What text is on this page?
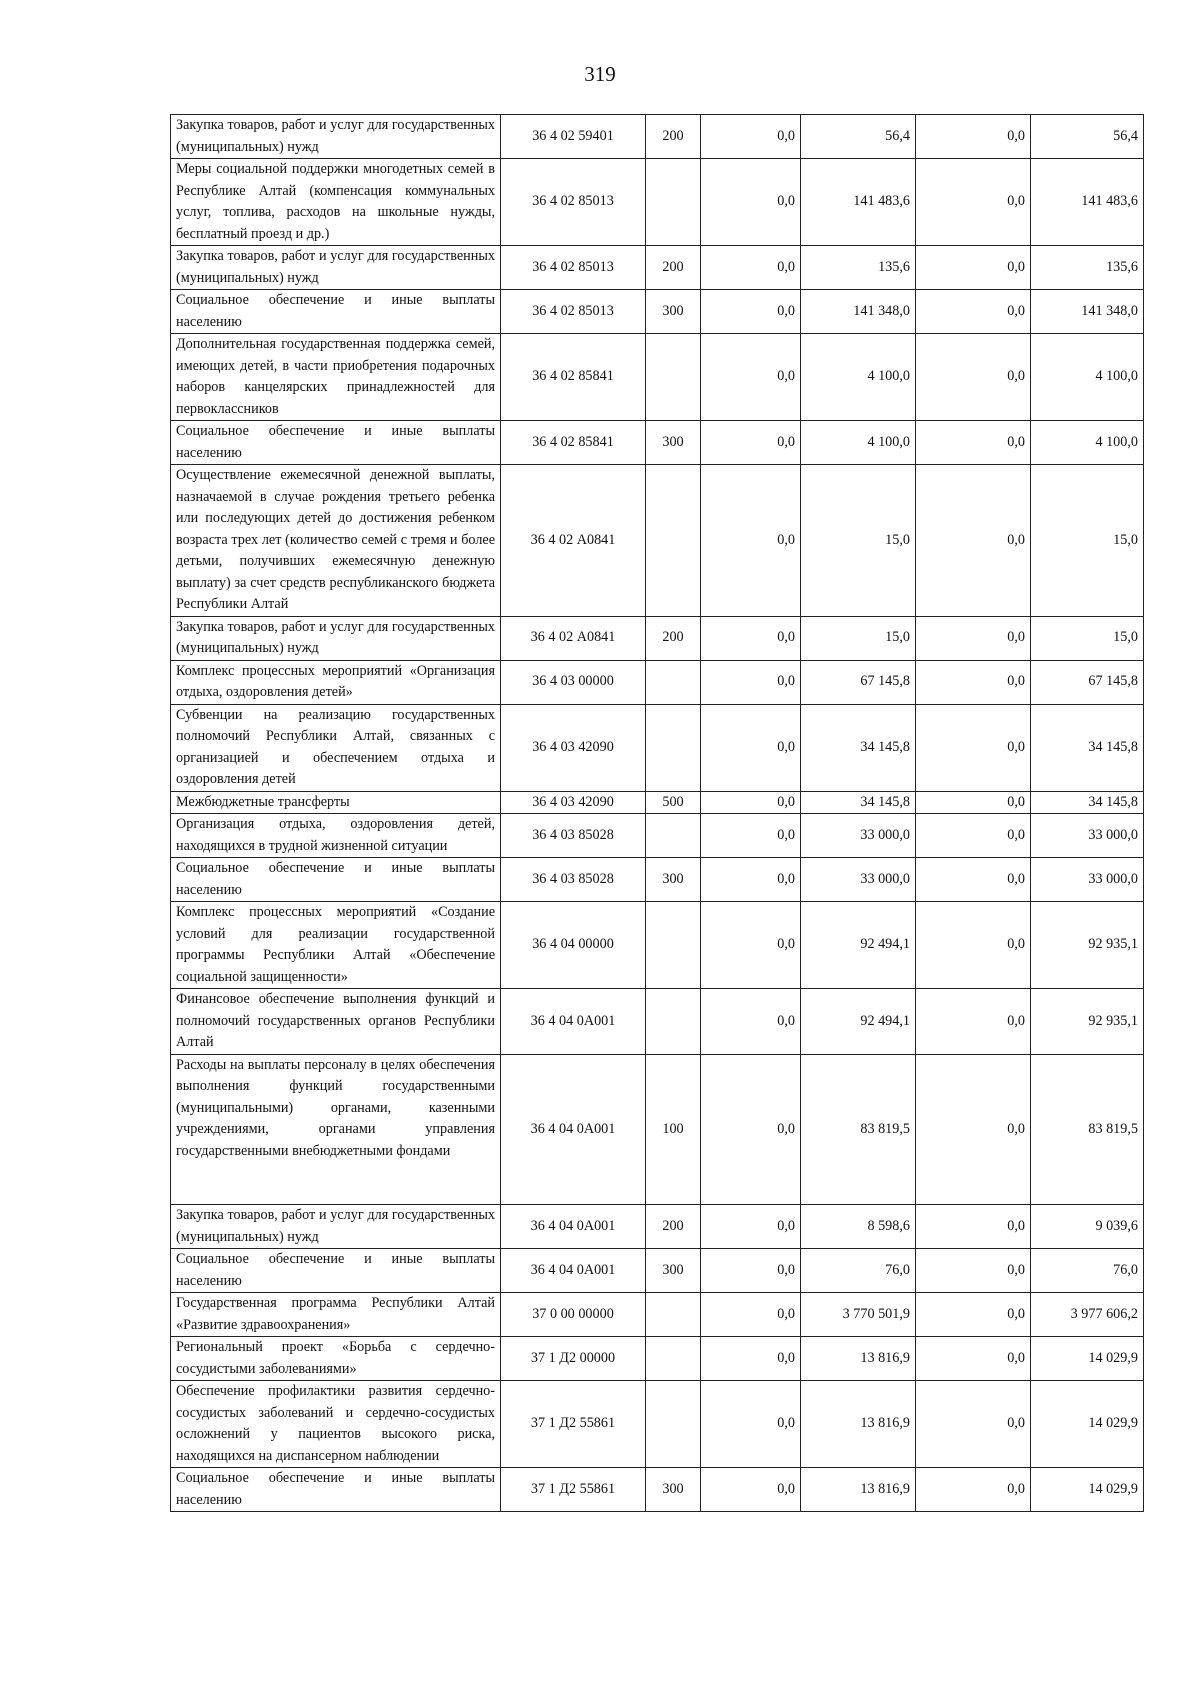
319
Закупка товаров, работ и услуг для государственных (муниципальных) нужд	36 4 02 59401	200	0,0	56,4	0,0	56,4
Меры социальной поддержки многодетных семей в Республике Алтай (компенсация коммунальных услуг, топлива, расходов на школьные нужды, бесплатный проезд и др.)	36 4 02 85013		0,0	141 483,6	0,0	141 483,6
Закупка товаров, работ и услуг для государственных (муниципальных) нужд	36 4 02 85013	200	0,0	135,6	0,0	135,6
Социальное обеспечение и иные выплаты населению	36 4 02 85013	300	0,0	141 348,0	0,0	141 348,0
Дополнительная государственная поддержка семей, имеющих детей, в части приобретения подарочных наборов канцелярских принадлежностей для первоклассников	36 4 02 85841		0,0	4 100,0	0,0	4 100,0
Социальное обеспечение и иные выплаты населению	36 4 02 85841	300	0,0	4 100,0	0,0	4 100,0
Осуществление ежемесячной денежной выплаты, назначаемой в случае рождения третьего ребенка или последующих детей до достижения ребенком возраста трех лет (количество семей с тремя и более детьми, получивших ежемесячную денежную выплату) за счет средств республиканского бюджета Республики Алтай	36 4 02 А0841		0,0	15,0	0,0	15,0
Закупка товаров, работ и услуг для государственных (муниципальных) нужд	36 4 02 А0841	200	0,0	15,0	0,0	15,0
Комплекс процессных мероприятий «Организация отдыха, оздоровления детей»	36 4 03 00000		0,0	67 145,8	0,0	67 145,8
Субвенции на реализацию государственных полномочий Республики Алтай, связанных с организацией и обеспечением отдыха и оздоровления детей	36 4 03 42090		0,0	34 145,8	0,0	34 145,8
Межбюджетные трансферты	36 4 03 42090	500	0,0	34 145,8	0,0	34 145,8
Организация отдыха, оздоровления детей, находящихся в трудной жизненной ситуации	36 4 03 85028		0,0	33 000,0	0,0	33 000,0
Социальное обеспечение и иные выплаты населению	36 4 03 85028	300	0,0	33 000,0	0,0	33 000,0
Комплекс процессных мероприятий «Создание условий для реализации государственной программы Республики Алтай «Обеспечение социальной защищенности»	36 4 04 00000		0,0	92 494,1	0,0	92 935,1
Финансовое обеспечение выполнения функций и полномочий государственных органов Республики Алтай	36 4 04 0А001		0,0	92 494,1	0,0	92 935,1
Расходы на выплаты персоналу в целях обеспечения выполнения функций государственными (муниципальными) органами, казенными учреждениями, органами управления государственными внебюджетными фондами	36 4 04 0А001	100	0,0	83 819,5	0,0	83 819,5
Закупка товаров, работ и услуг для государственных (муниципальных) нужд	36 4 04 0А001	200	0,0	8 598,6	0,0	9 039,6
Социальное обеспечение и иные выплаты населению	36 4 04 0А001	300	0,0	76,0	0,0	76,0
Государственная программа Республики Алтай «Развитие здравоохранения»	37 0 00 00000		0,0	3 770 501,9	0,0	3 977 606,2
Региональный проект «Борьба с сердечно-сосудистыми заболеваниями»	37 1 Д2 00000		0,0	13 816,9	0,0	14 029,9
Обеспечение профилактики развития сердечно-сосудистых заболеваний и сердечно-сосудистых осложнений у пациентов высокого риска, находящихся на диспансерном наблюдении	37 1 Д2 55861		0,0	13 816,9	0,0	14 029,9
Социальное обеспечение и иные выплаты населению	37 1 Д2 55861	300	0,0	13 816,9	0,0	14 029,9
